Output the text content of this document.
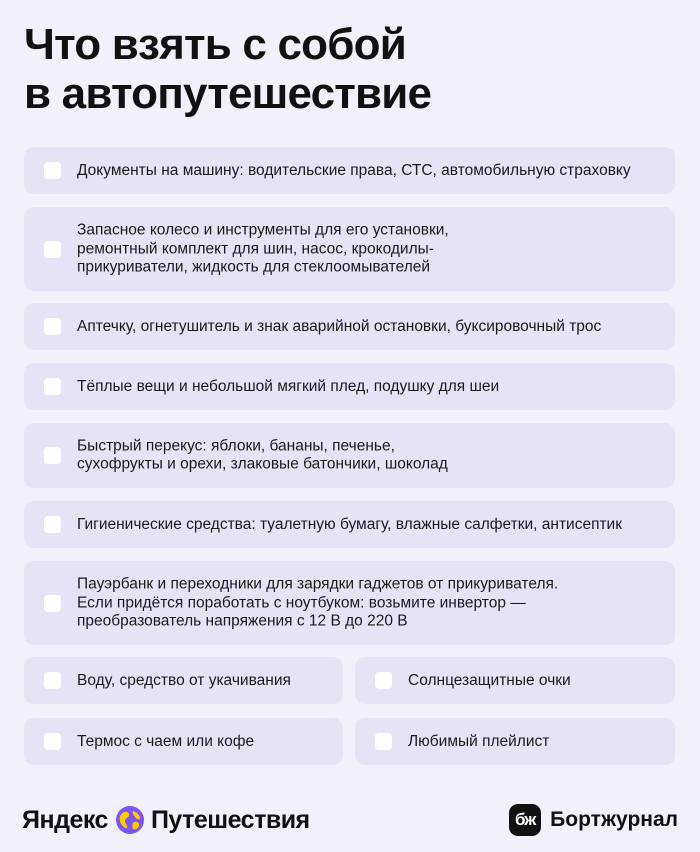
Что взять с собой
в автопутешествие
Документы на машину: водительские права, СТС, автомобильную страховку
Запасное колесо и инструменты для его установки, ремонтный комплект для шин, насос, крокодилы-прикуриватели, жидкость для стеклоомывателей
Аптечку, огнетушитель и знак аварийной остановки, буксировочный трос
Тёплые вещи и небольшой мягкий плед, подушку для шеи
Быстрый перекус: яблоки, бананы, печенье, сухофрукты и орехи, злаковые батончики, шоколад
Гигиенические средства: туалетную бумагу, влажные салфетки, антисептик
Пауэрбанк и переходники для зарядки гаджетов от прикуривателя. Если придётся поработать с ноутбуком: возьмите инвертор — преобразователь напряжения с 12 В до 220 В
Воду, средство от укачивания	Солнцезащитные очки
Термос с чаем или кофе	Любимый плейлист
Яндекс Путешествия	бж Бортжурнал
